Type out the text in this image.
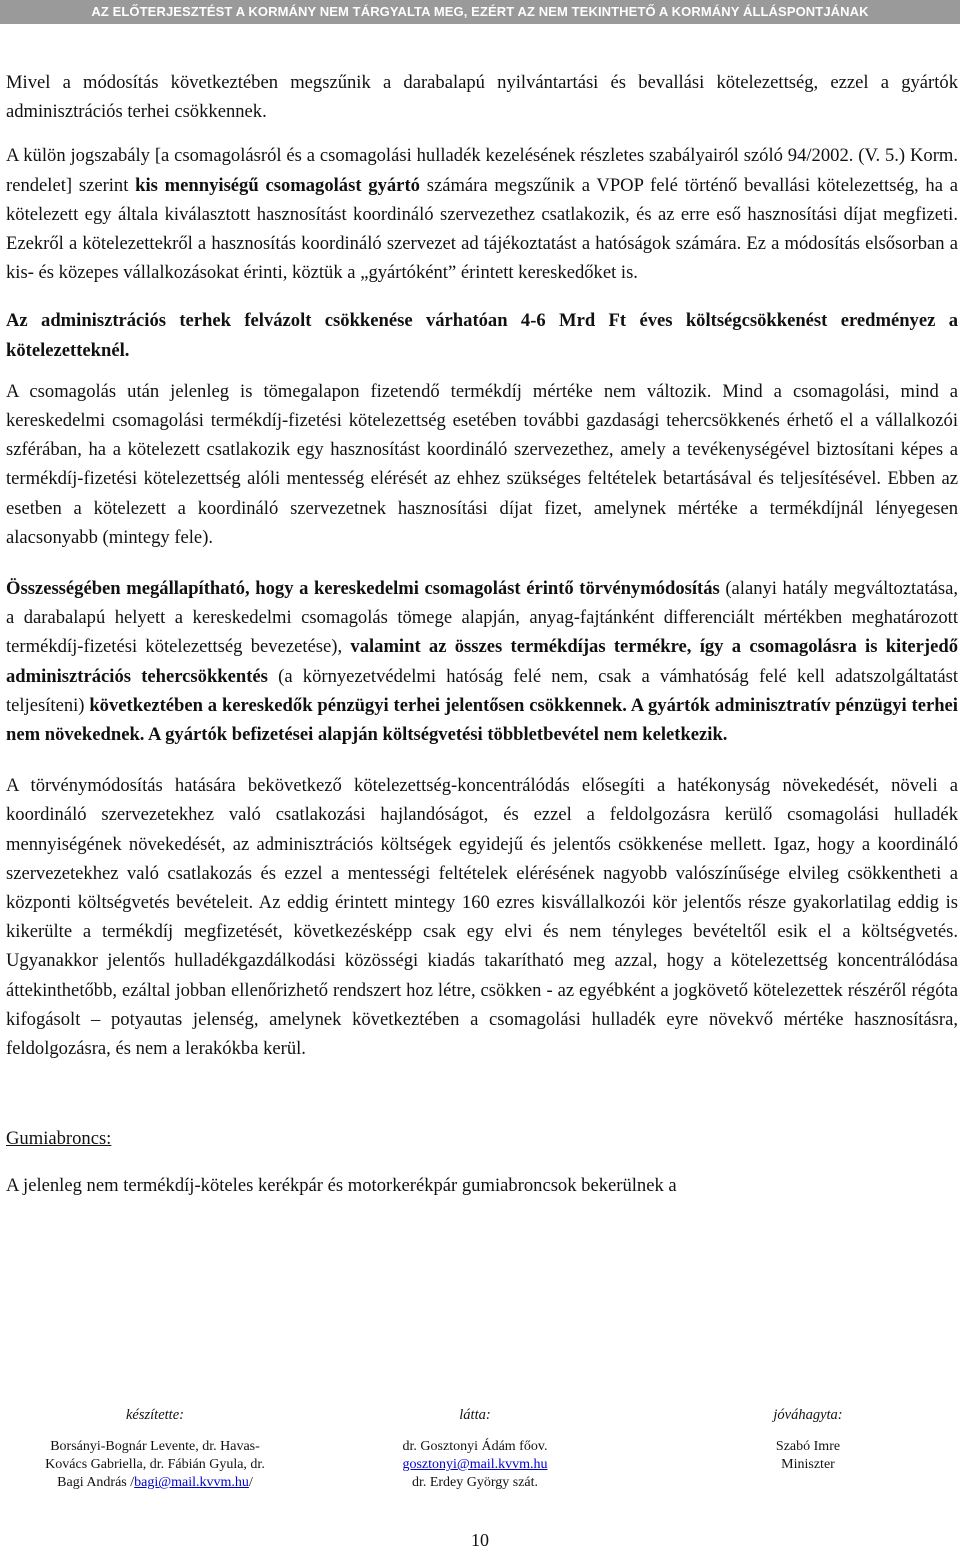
AZ ELŐTERJESZTÉST A KORMÁNY NEM TÁRGYALTA MEG, EZÉRT AZ NEM TEKINTHETŐ A KORMÁNY ÁLLÁSPONTJÁNAK

Mivel a módosítás következtében megszűnik a darabalapú nyilvántartási és bevallási kötelezettség, ezzel a gyártók adminisztrációs terhei csökkennek.

A külön jogszabály [a csomagolásról és a csomagolási hulladék kezelésének részletes szabályairól szóló 94/2002. (V. 5.) Korm. rendelet] szerint kis mennyiségű csomagolást gyártó számára megszűnik a VPOP felé történő bevallási kötelezettség, ha a kötelezett egy általa kiválasztott hasznosítást koordináló szervezethez csatlakozik, és az erre eső hasznosítási díjat megfizeti. Ezekről a kötelezettekről a hasznosítás koordináló szervezet ad tájékoztatást a hatóságok számára. Ez a módosítás elsősorban a kis- és közepes vállalkozásokat érinti, köztük a „gyártóként” érintett kereskedőket is.

Az adminisztrációs terhek felvázolt csökkenése várhatóan 4-6 Mrd Ft éves költségcsökkenést eredményez a kötelezetteknél.

A csomagolás után jelenleg is tömegalapon fizetendő termékdíj mértéke nem változik. Mind a csomagolási, mind a kereskedelmi csomagolási termékdíj-fizetési kötelezettség esetében további gazdasági tehercsökkenés érhető el a vállalkozói szférában, ha a kötelezett csatlakozik egy hasznosítást koordináló szervezethez, amely a tevékenységével biztosítani képes a termékdíj-fizetési kötelezettség alóli mentesség elérését az ehhez szükséges feltételek betartásával és teljesítésével. Ebben az esetben a kötelezett a koordináló szervezetnek hasznosítási díjat fizet, amelynek mértéke a termékdíjnál lényegesen alacsonyabb (mintegy fele).

Összességében megállapítható, hogy a kereskedelmi csomagolást érintő törvénymódosítás (alanyi hatály megváltoztatása, a darabalapú helyett a kereskedelmi csomagolás tömege alapján, anyag-fajtánként differenciált mértékben meghatározott termékdíj-fizetési kötelezettség bevezetése), valamint az összes termékdíjas termékre, így a csomagolásra is kiterjedő adminisztrációs tehercsökkentés (a környezetvédelmi hatóság felé nem, csak a vámhatóság felé kell adatszolgáltatást teljesíteni) következtében a kereskedők pénzügyi terhei jelentősen csökkennek. A gyártók adminisztratív pénzügyi terhei nem növekednek. A gyártók befizetései alapján költségvetési többletbevétel nem keletkezik.

A törvénymódosítás hatására bekövetkező kötelezettség-koncentrálódás elősegíti a hatékonyság növekedését, növeli a koordináló szervezetekhez való csatlakozási hajlandóságot, és ezzel a feldolgozásra kerülő csomagolási hulladék mennyiségének növekedését, az adminisztrációs költségek egyidejű és jelentős csökkenése mellett. Igaz, hogy a koordináló szervezetekhez való csatlakozás és ezzel a mentességi feltételek elérésének nagyobb valószínűsége elvileg csökkentheti a központi költségvetés bevételeit. Az eddig érintett mintegy 160 ezres kisvállalkozói kör jelentős része gyakorlatilag eddig is kikerülte a termékdíj megfizetését, következésképp csak egy elvi és nem tényleges bevételtől esik el a költségvetés. Ugyanakkor jelentős hulladékgazdálkodási közösségi kiadás takarítható meg azzal, hogy a kötelezettség koncentrálódása áttekinthetőbb, ezáltal jobban ellenőrizhető rendszert hoz létre, csökken - az egyébként a jogkövető kötelezettek részéről régóta kifogásolt – potyautas jelenség, amelynek következtében a csomagolási hulladék eyre növekvő mértéke hasznosításra, feldolgozásra, és nem a lerakókba kerül.

Gumiabroncs:

A jelenleg nem termékdíj-köteles kerékpár és motorkerékpár gumiabroncsok bekerülnek a

készítette:
Borsányi-Bognár Levente, dr. Havas-
Kovács Gabriella, dr. Fábián Gyula, dr.
Bagi András /bagi@mail.kvvm.hu/
látta:
dr. Gosztonyi Ádám főov.
gosztonyi@mail.kvvm.hu
dr. Erdey György szát.
jóváhagyta:
Szabó Imre
Miniszter
10
